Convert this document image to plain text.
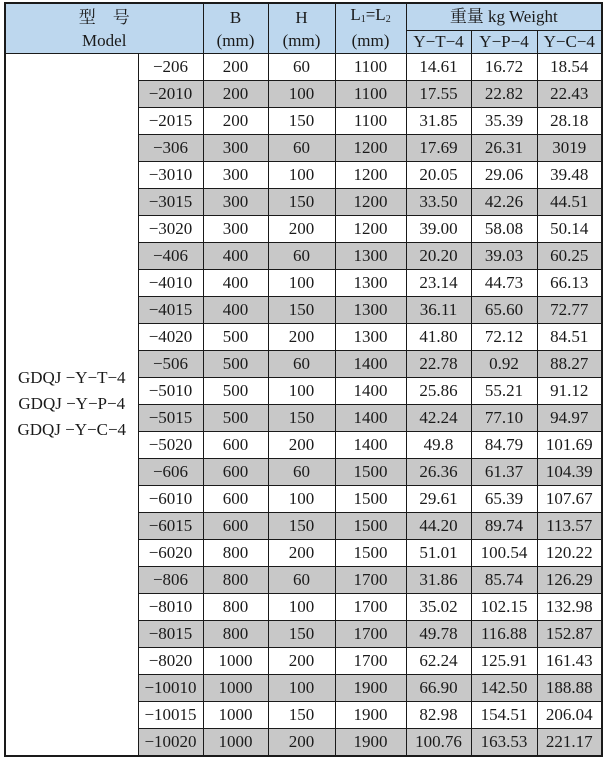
型　号		B	H	$L_1=L_2$	重量 kg Weight		
Model		(mm)	(mm)	(mm)	Y−T−4	Y−P−4	Y−C−4

GDQJ −Y−T−4
GDQJ −Y−P−4
GDQJ −Y−C−4	−206	200	60	1100	14.61	16.72	18.54
	−2010	200	100	1100	17.55	22.82	22.43
	−2015	200	150	1100	31.85	35.39	28.18
	−306	300	60	1200	17.69	26.31	3019
	−3010	300	100	1200	20.05	29.06	39.48
	−3015	300	150	1200	33.50	42.26	44.51
	−3020	300	200	1200	39.00	58.08	50.14
	−406	400	60	1300	20.20	39.03	60.25
	−4010	400	100	1300	23.14	44.73	66.13
	−4015	400	150	1300	36.11	65.60	72.77
	−4020	500	200	1300	41.80	72.12	84.51
	−506	500	60	1400	22.78	0.92	88.27
	−5010	500	100	1400	25.86	55.21	91.12
	−5015	500	150	1400	42.24	77.10	94.97
	−5020	600	200	1400	49.8	84.79	101.69
	−606	600	60	1500	26.36	61.37	104.39
	−6010	600	100	1500	29.61	65.39	107.67
	−6015	600	150	1500	44.20	89.74	113.57
	−6020	800	200	1500	51.01	100.54	120.22
	−806	800	60	1700	31.86	85.74	126.29
	−8010	800	100	1700	35.02	102.15	132.98
	−8015	800	150	1700	49.78	116.88	152.87
	−8020	1000	200	1700	62.24	125.91	161.43
	−10010	1000	100	1900	66.90	142.50	188.88
	−10015	1000	150	1900	82.98	154.51	206.04
	−10020	1000	200	1900	100.76	163.53	221.17
